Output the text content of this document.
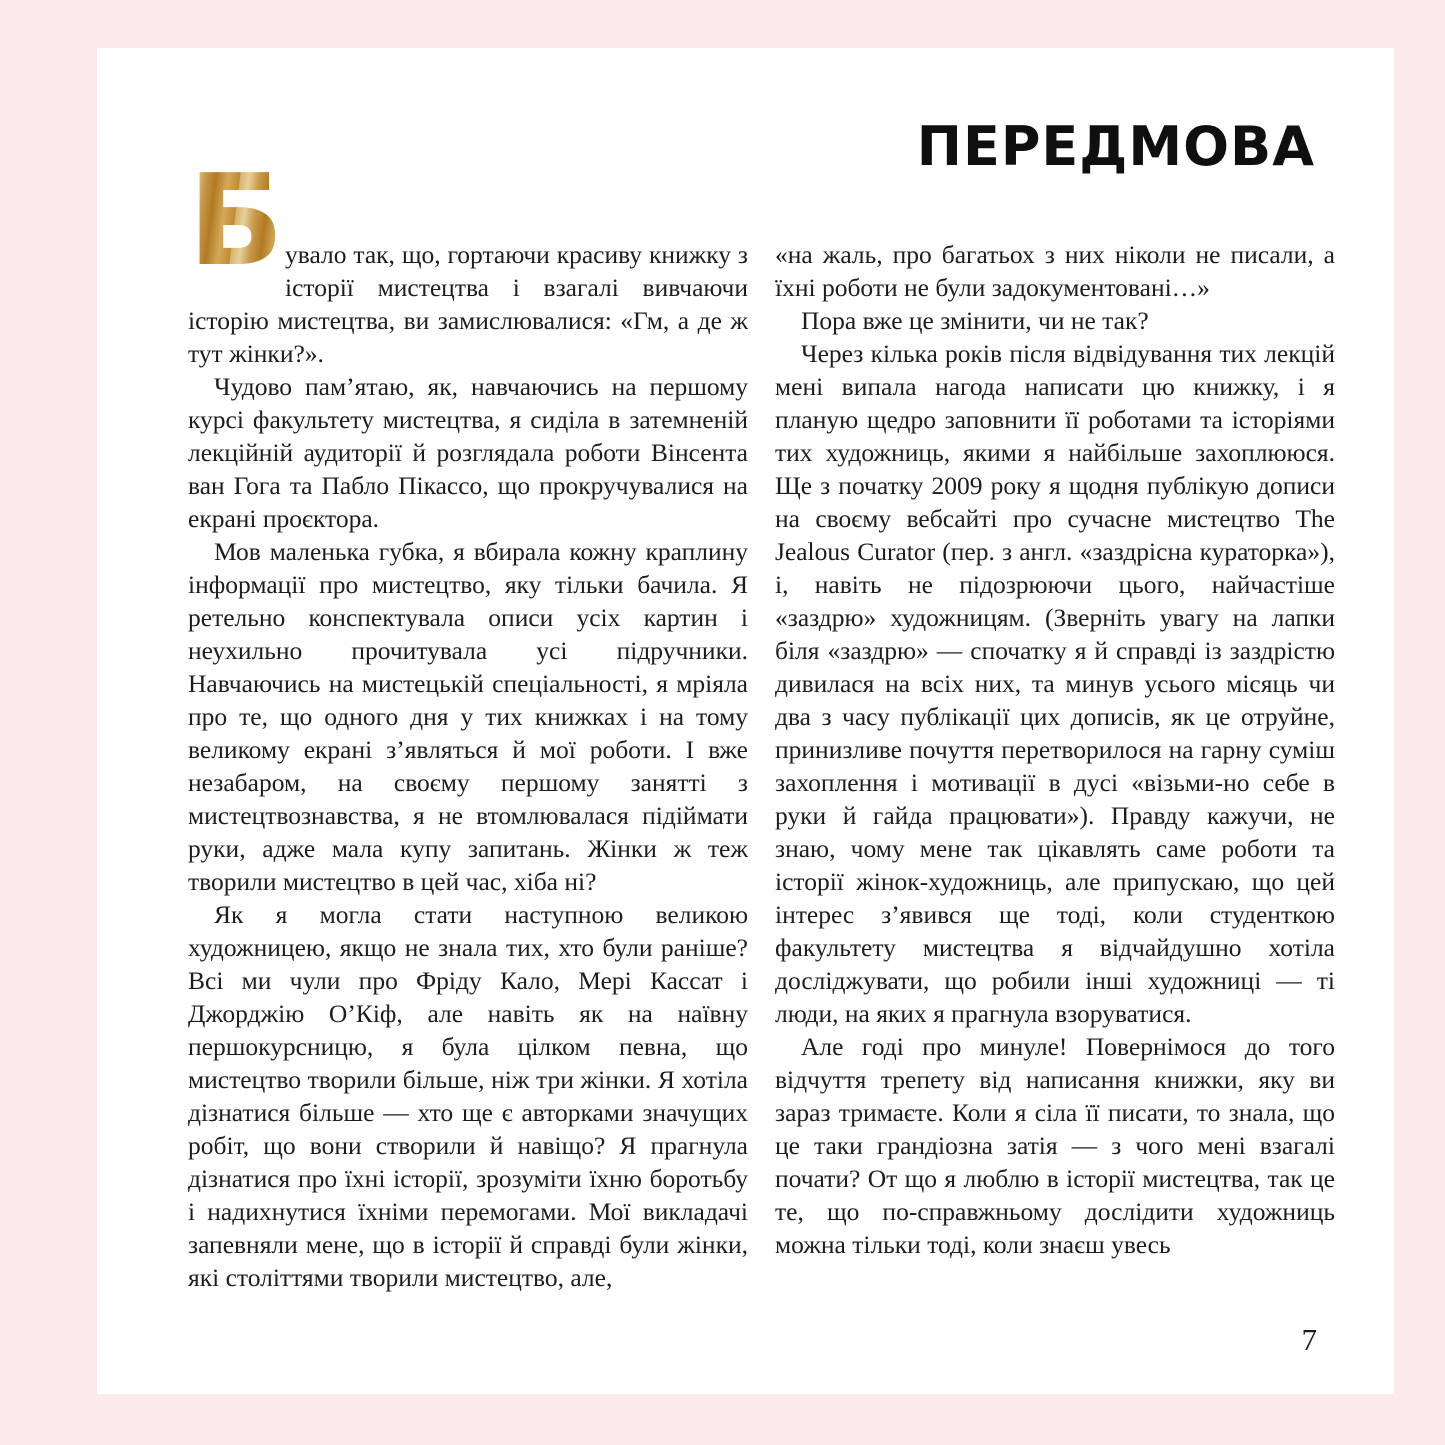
ПЕРЕДМОВА

Б увало так, що, гортаючи красиву книжку з історії мистецтва і взагалі вивчаючи історію мистецтва, ви замислювалися: «Гм, а де ж тут жінки?».

Чудово пам’ятаю, як, навчаючись на першому курсі факультету мистецтва, я сиділа в затемненій лекційній аудиторії й розглядала роботи Вінсента ван Гога та Пабло Пікассо, що прокручувалися на екрані проєктора.

Мов маленька губка, я вбирала кожну краплину інформації про мистецтво, яку тільки бачила. Я ретельно конспектувала описи усіх картин і неухильно прочитувала усі підручники. Навчаючись на мистецькій спеціальності, я мріяла про те, що одного дня у тих книжках і на тому великому екрані з’являться й мої роботи. І вже незабаром, на своєму першому занятті з мистецтвознавства, я не втомлювалася підіймати руки, адже мала купу запитань. Жінки ж теж творили мистецтво в цей час, хіба ні?

Як я могла стати наступною великою художницею, якщо не знала тих, хто були раніше? Всі ми чули про Фріду Кало, Мері Кассат і Джорджію О’Кіф, але навіть як на наївну першокурсницю, я була цілком певна, що мистецтво творили більше, ніж три жінки. Я хотіла дізнатися більше — хто ще є авторками значущих робіт, що вони створили й навіщо? Я прагнула дізнатися про їхні історії, зрозуміти їхню боротьбу і надихнутися їхніми перемогами. Мої викладачі запевняли мене, що в історії й справді були жінки, які століттями творили мистецтво, але,

«на жаль, про багатьох з них ніколи не писали, а їхні роботи не були задокументовані…»

Пора вже це змінити, чи не так?

Через кілька років після відвідування тих лекцій мені випала нагода написати цю книжку, і я планую щедро заповнити її роботами та історіями тих художниць, якими я найбільше захоплююся. Ще з початку 2009 року я щодня публікую дописи на своєму вебсайті про сучасне мистецтво The Jealous Curator (пер. з англ. «заздрісна кураторка»), і, навіть не підозрюючи цього, найчастіше «заздрю» художницям. (Зверніть увагу на лапки біля «заздрю» — спочатку я й справді із заздрістю дивилася на всіх них, та минув усього місяць чи два з часу публікації цих дописів, як це отруйне, принизливе почуття перетворилося на гарну суміш захоплення і мотивації в дусі «візьми-но себе в руки й гайда працювати»). Правду кажучи, не знаю, чому мене так цікавлять саме роботи та історії жінок-художниць, але припускаю, що цей інтерес з’явився ще тоді, коли студенткою факультету мистецтва я відчайдушно хотіла досліджувати, що робили інші художниці — ті люди, на яких я прагнула взоруватися.

Але годі про минуле! Повернімося до того відчуття трепету від написання книжки, яку ви зараз тримаєте. Коли я сіла її писати, то знала, що це таки грандіозна затія — з чого мені взагалі почати? От що я люблю в історії мистецтва, так це те, що по-справжньому дослідити художниць можна тільки тоді, коли знаєш увесь

7
